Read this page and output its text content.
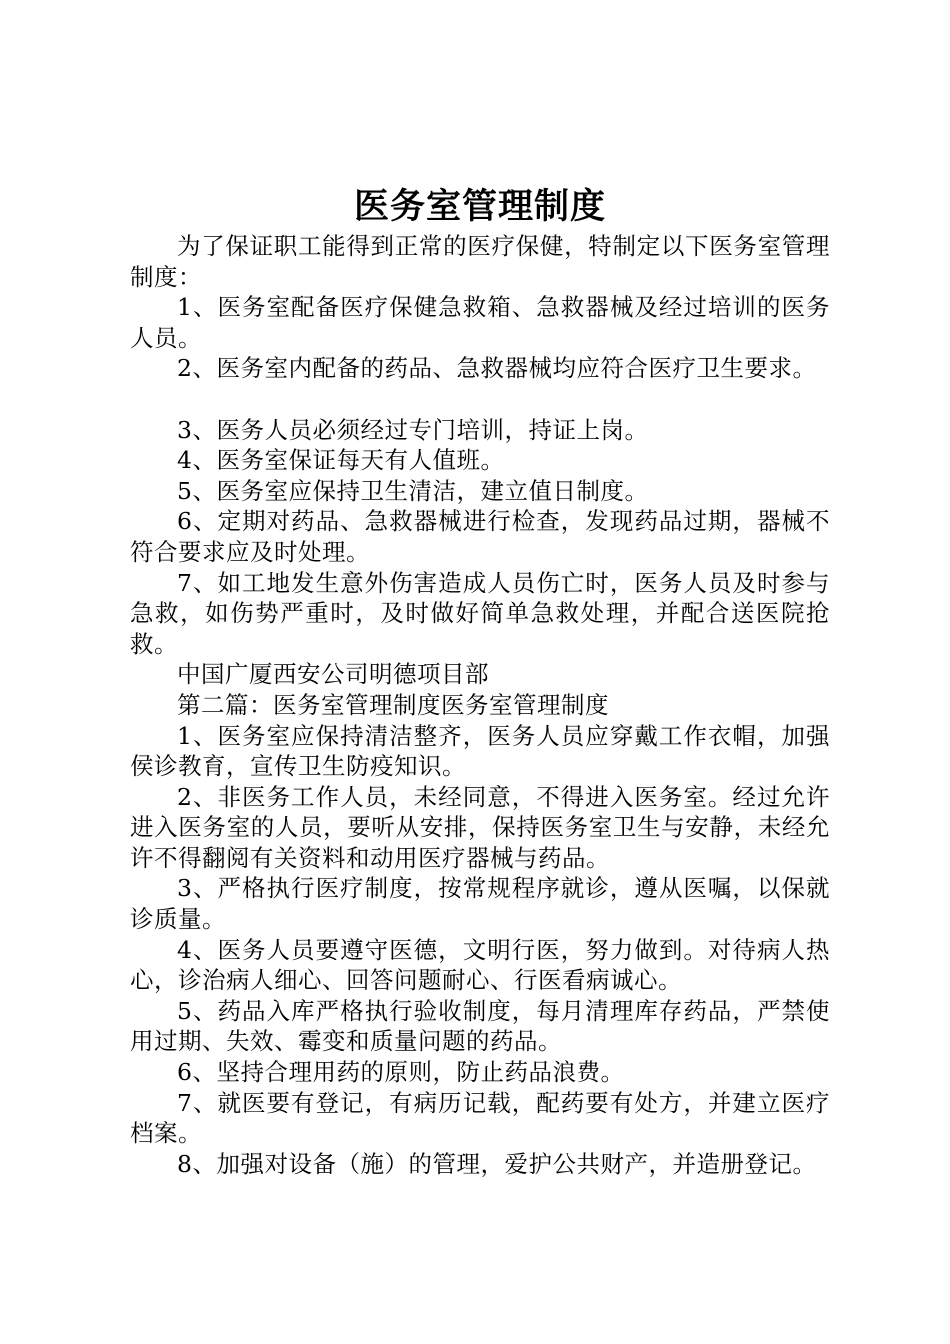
医务室管理制度

为了保证职工能得到正常的医疗保健，特制定以下医务室管理制度：

1、医务室配备医疗保健急救箱、急救器械及经过培训的医务人员。

2、医务室内配备的药品、急救器械均应符合医疗卫生要求。

3、医务人员必须经过专门培训，持证上岗。

4、医务室保证每天有人值班。

5、医务室应保持卫生清洁，建立值日制度。

6、定期对药品、急救器械进行检查，发现药品过期，器械不符合要求应及时处理。

7、如工地发生意外伤害造成人员伤亡时，医务人员及时参与急救，如伤势严重时，及时做好简单急救处理，并配合送医院抢救。

中国广厦西安公司明德项目部

第二篇：医务室管理制度医务室管理制度

1、医务室应保持清洁整齐，医务人员应穿戴工作衣帽，加强侯诊教育，宣传卫生防疫知识。

2、非医务工作人员，未经同意，不得进入医务室。经过允许进入医务室的人员，要听从安排，保持医务室卫生与安静，未经允许不得翻阅有关资料和动用医疗器械与药品。

3、严格执行医疗制度，按常规程序就诊，遵从医嘱，以保就诊质量。

4、医务人员要遵守医德，文明行医，努力做到。对待病人热心，诊治病人细心、回答问题耐心、行医看病诚心。

5、药品入库严格执行验收制度，每月清理库存药品，严禁使用过期、失效、霉变和质量问题的药品。

6、坚持合理用药的原则，防止药品浪费。

7、就医要有登记，有病历记载，配药要有处方，并建立医疗档案。

8、加强对设备（施）的管理，爱护公共财产，并造册登记。
